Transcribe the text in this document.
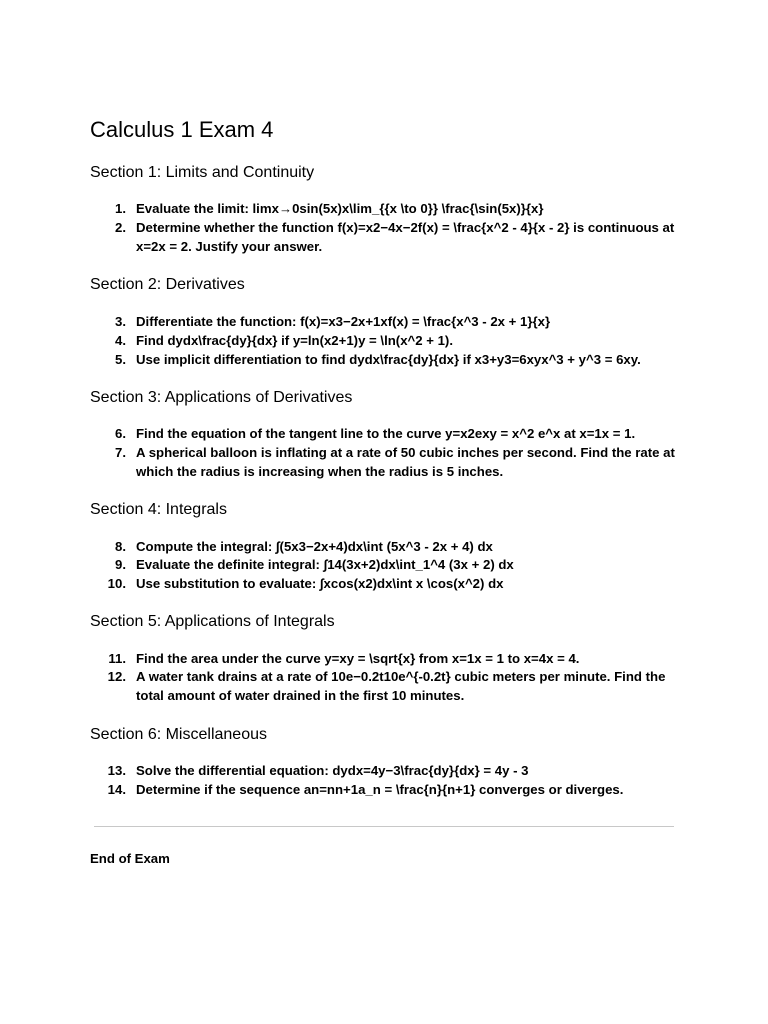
Calculus 1 Exam 4
Section 1: Limits and Continuity
1. Evaluate the limit: limx→0sin(5x)x\lim_{{x \to 0}} \frac{\sin(5x)}{x}
2. Determine whether the function f(x)=x2−4x−2f(x) = \frac{x^2 - 4}{x - 2} is continuous at x=2x = 2. Justify your answer.
Section 2: Derivatives
3. Differentiate the function: f(x)=x3−2x+1xf(x) = \frac{x^3 - 2x + 1}{x}
4. Find dydx\frac{dy}{dx} if y=ln(x2+1)y = \ln(x^2 + 1).
5. Use implicit differentiation to find dydx\frac{dy}{dx} if x3+y3=6xyx^3 + y^3 = 6xy.
Section 3: Applications of Derivatives
6. Find the equation of the tangent line to the curve y=x2exy = x^2 e^x at x=1x = 1.
7. A spherical balloon is inflating at a rate of 50 cubic inches per second. Find the rate at which the radius is increasing when the radius is 5 inches.
Section 4: Integrals
8. Compute the integral: ∫(5x3−2x+4)dx\int (5x^3 - 2x + 4) dx
9. Evaluate the definite integral: ∫14(3x+2)dx\int_1^4 (3x + 2) dx
10. Use substitution to evaluate: ∫xcos(x2)dx\int x \cos(x^2) dx
Section 5: Applications of Integrals
11. Find the area under the curve y=xy = \sqrt{x} from x=1x = 1 to x=4x = 4.
12. A water tank drains at a rate of 10e−0.2t10e^{-0.2t} cubic meters per minute. Find the total amount of water drained in the first 10 minutes.
Section 6: Miscellaneous
13. Solve the differential equation: dydx=4y−3\frac{dy}{dx} = 4y - 3
14. Determine if the sequence an=nn+1a_n = \frac{n}{n+1} converges or diverges.
End of Exam
